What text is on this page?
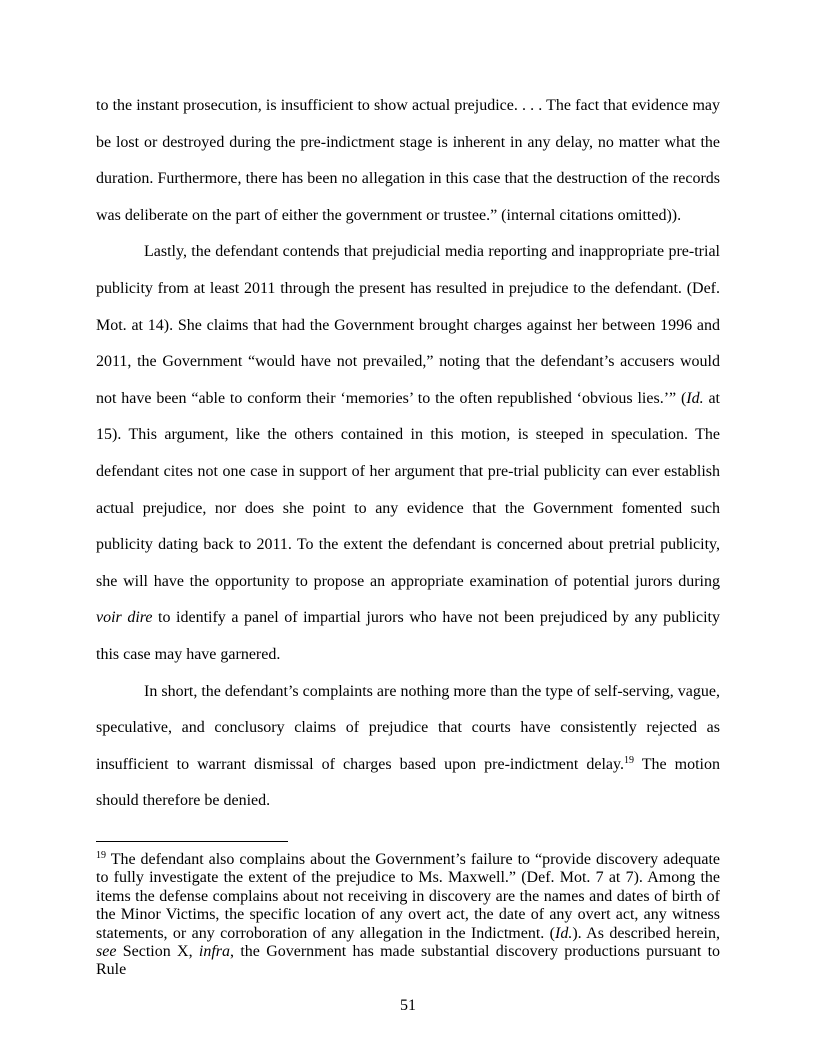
to the instant prosecution, is insufficient to show actual prejudice. . . . The fact that evidence may be lost or destroyed during the pre-indictment stage is inherent in any delay, no matter what the duration. Furthermore, there has been no allegation in this case that the destruction of the records was deliberate on the part of either the government or trustee.” (internal citations omitted)).

Lastly, the defendant contends that prejudicial media reporting and inappropriate pre-trial publicity from at least 2011 through the present has resulted in prejudice to the defendant. (Def. Mot. at 14). She claims that had the Government brought charges against her between 1996 and 2011, the Government “would have not prevailed,” noting that the defendant’s accusers would not have been “able to conform their ‘memories’ to the often republished ‘obvious lies.’” (Id. at 15). This argument, like the others contained in this motion, is steeped in speculation. The defendant cites not one case in support of her argument that pre-trial publicity can ever establish actual prejudice, nor does she point to any evidence that the Government fomented such publicity dating back to 2011. To the extent the defendant is concerned about pretrial publicity, she will have the opportunity to propose an appropriate examination of potential jurors during voir dire to identify a panel of impartial jurors who have not been prejudiced by any publicity this case may have garnered.

In short, the defendant’s complaints are nothing more than the type of self-serving, vague, speculative, and conclusory claims of prejudice that courts have consistently rejected as insufficient to warrant dismissal of charges based upon pre-indictment delay.$^{19}$ The motion should therefore be denied.

$^{19}$ The defendant also complains about the Government’s failure to “provide discovery adequate to fully investigate the extent of the prejudice to Ms. Maxwell.” (Def. Mot. 7 at 7). Among the items the defense complains about not receiving in discovery are the names and dates of birth of the Minor Victims, the specific location of any overt act, the date of any overt act, any witness statements, or any corroboration of any allegation in the Indictment. (Id.). As described herein, see Section X, infra, the Government has made substantial discovery productions pursuant to Rule

51
